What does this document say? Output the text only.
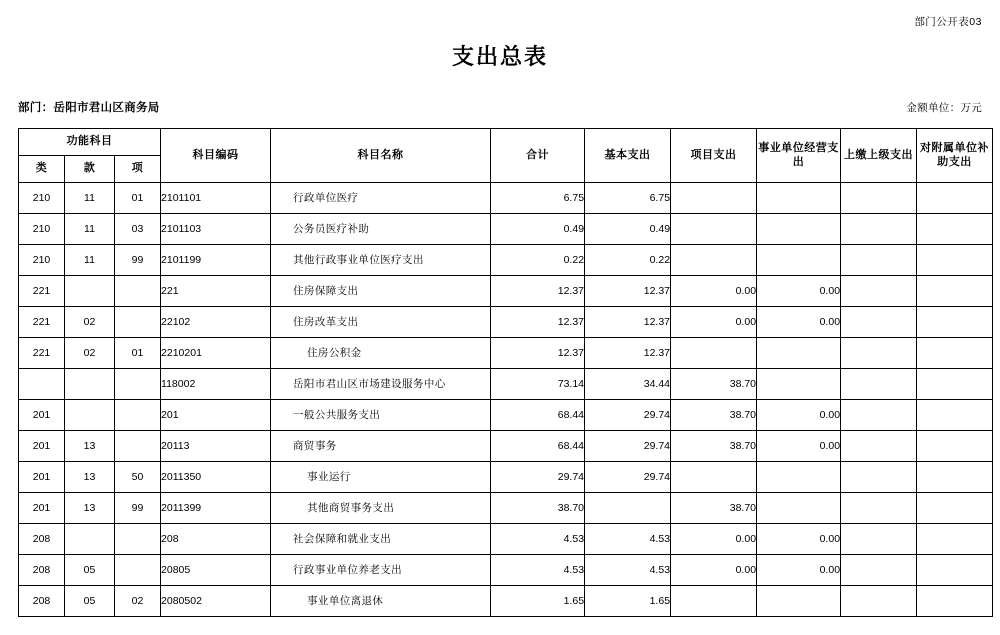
部门公开表03
支出总表
部门：岳阳市君山区商务局	金额单位：万元
功能科目			科目编码	科目名称	合计	基本支出	项目支出	事业单位经营支出	上缴上级支出	对附属单位补助支出
类	款	项								
210	11	01	2101101	行政单位医疗	6.75	6.75				
210	11	03	2101103	公务员医疗补助	0.49	0.49				
210	11	99	2101199	其他行政事业单位医疗支出	0.22	0.22				
221			221	住房保障支出	12.37	12.37	0.00	0.00		
221	02		22102	住房改革支出	12.37	12.37	0.00	0.00		
221	02	01	2210201	住房公积金	12.37	12.37				
			118002	岳阳市君山区市场建设服务中心	73.14	34.44	38.70			
201			201	一般公共服务支出	68.44	29.74	38.70	0.00		
201	13		20113	商贸事务	68.44	29.74	38.70	0.00		
201	13	50	2011350	事业运行	29.74	29.74				
201	13	99	2011399	其他商贸事务支出	38.70		38.70			
208			208	社会保障和就业支出	4.53	4.53	0.00	0.00		
208	05		20805	行政事业单位养老支出	4.53	4.53	0.00	0.00		
208	05	02	2080502	事业单位离退休	1.65	1.65				
